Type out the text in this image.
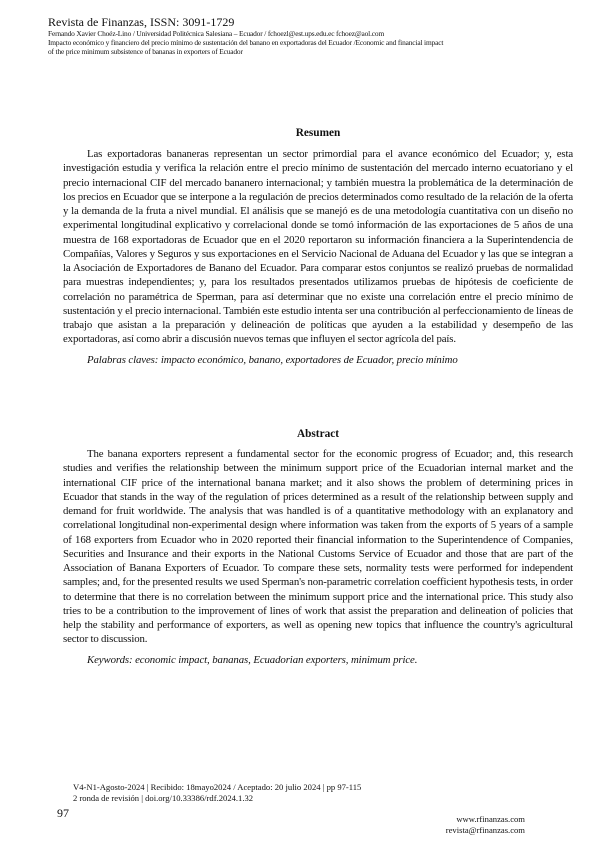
Revista de Finanzas, ISSN: 3091-1729
Fernando Xavier Choéz-Lino / Universidad Politécnica Salesiana – Ecuador / fchoezl@est.ups.edu.ec fchoez@aol.com
Impacto económico y financiero del precio mínimo de sustentación del banano en exportadoras del Ecuador /Economic and financial impact
of the price minimum subsistence of bananas in exporters of Ecuador
Resumen

Las exportadoras bananeras representan un sector primordial para el avance económico del Ecuador; y, esta investigación estudia y verifica la relación entre el precio mínimo de sustentación del mercado interno ecuatoriano y el precio internacional CIF del mercado bananero internacional; y también muestra la problemática de la determinación de los precios en Ecuador que se interpone a la regulación de precios determinados como resultado de la relación de la oferta y la demanda de la fruta a nivel mundial. El análisis que se manejó es de una metodología cuantitativa con un diseño no experimental longitudinal explicativo y correlacional donde se tomó información de las exportaciones de 5 años de una muestra de 168 exportadoras de Ecuador que en el 2020 reportaron su información financiera a la Superintendencia de Compañías, Valores y Seguros y sus exportaciones en el Servicio Nacional de Aduana del Ecuador y las que se integran a la Asociación de Exportadores de Banano del Ecuador. Para comparar estos conjuntos se realizó pruebas de normalidad para muestras independientes; y, para los resultados presentados utilizamos pruebas de hipótesis de coeficiente de correlación no paramétrica de Sperman, para así determinar que no existe una correlación entre el precio mínimo de sustentación y el precio internacional. También este estudio intenta ser una contribución al perfeccionamiento de líneas de trabajo que asistan a la preparación y delineación de políticas que ayuden a la estabilidad y desempeño de las exportadoras, así como abrir a discusión nuevos temas que influyen el sector agrícola del país.

Palabras claves: impacto económico, banano, exportadores de Ecuador, precio mínimo

Abstract

The banana exporters represent a fundamental sector for the economic progress of Ecuador; and, this research studies and verifies the relationship between the minimum support price of the Ecuadorian internal market and the international CIF price of the international banana market; and it also shows the problem of determining prices in Ecuador that stands in the way of the regulation of prices determined as a result of the relationship between supply and demand for fruit worldwide. The analysis that was handled is of a quantitative methodology with an explanatory and correlational longitudinal non-experimental design where information was taken from the exports of 5 years of a sample of 168 exporters from Ecuador who in 2020 reported their financial information to the Superintendence of Companies, Securities and Insurance and their exports in the National Customs Service of Ecuador and those that are part of the Association of Banana Exporters of Ecuador. To compare these sets, normality tests were performed for independent samples; and, for the presented results we used Sperman's non-parametric correlation coefficient hypothesis tests, in order to determine that there is no correlation between the minimum support price and the international price. This study also tries to be a contribution to the improvement of lines of work that assist the preparation and delineation of policies that help the stability and performance of exporters, as well as opening new topics that influence the country's agricultural sector to discussion.

Keywords: economic impact, bananas, Ecuadorian exporters, minimum price.

V4-N1-Agosto-2024 | Recibido: 18mayo2024 / Aceptado: 20 julio 2024 | pp 97-115
2 ronda de revisión | doi.org/10.33386/rdf.2024.1.32
97	www.rfinanzas.com
revista@rfinanzas.com
